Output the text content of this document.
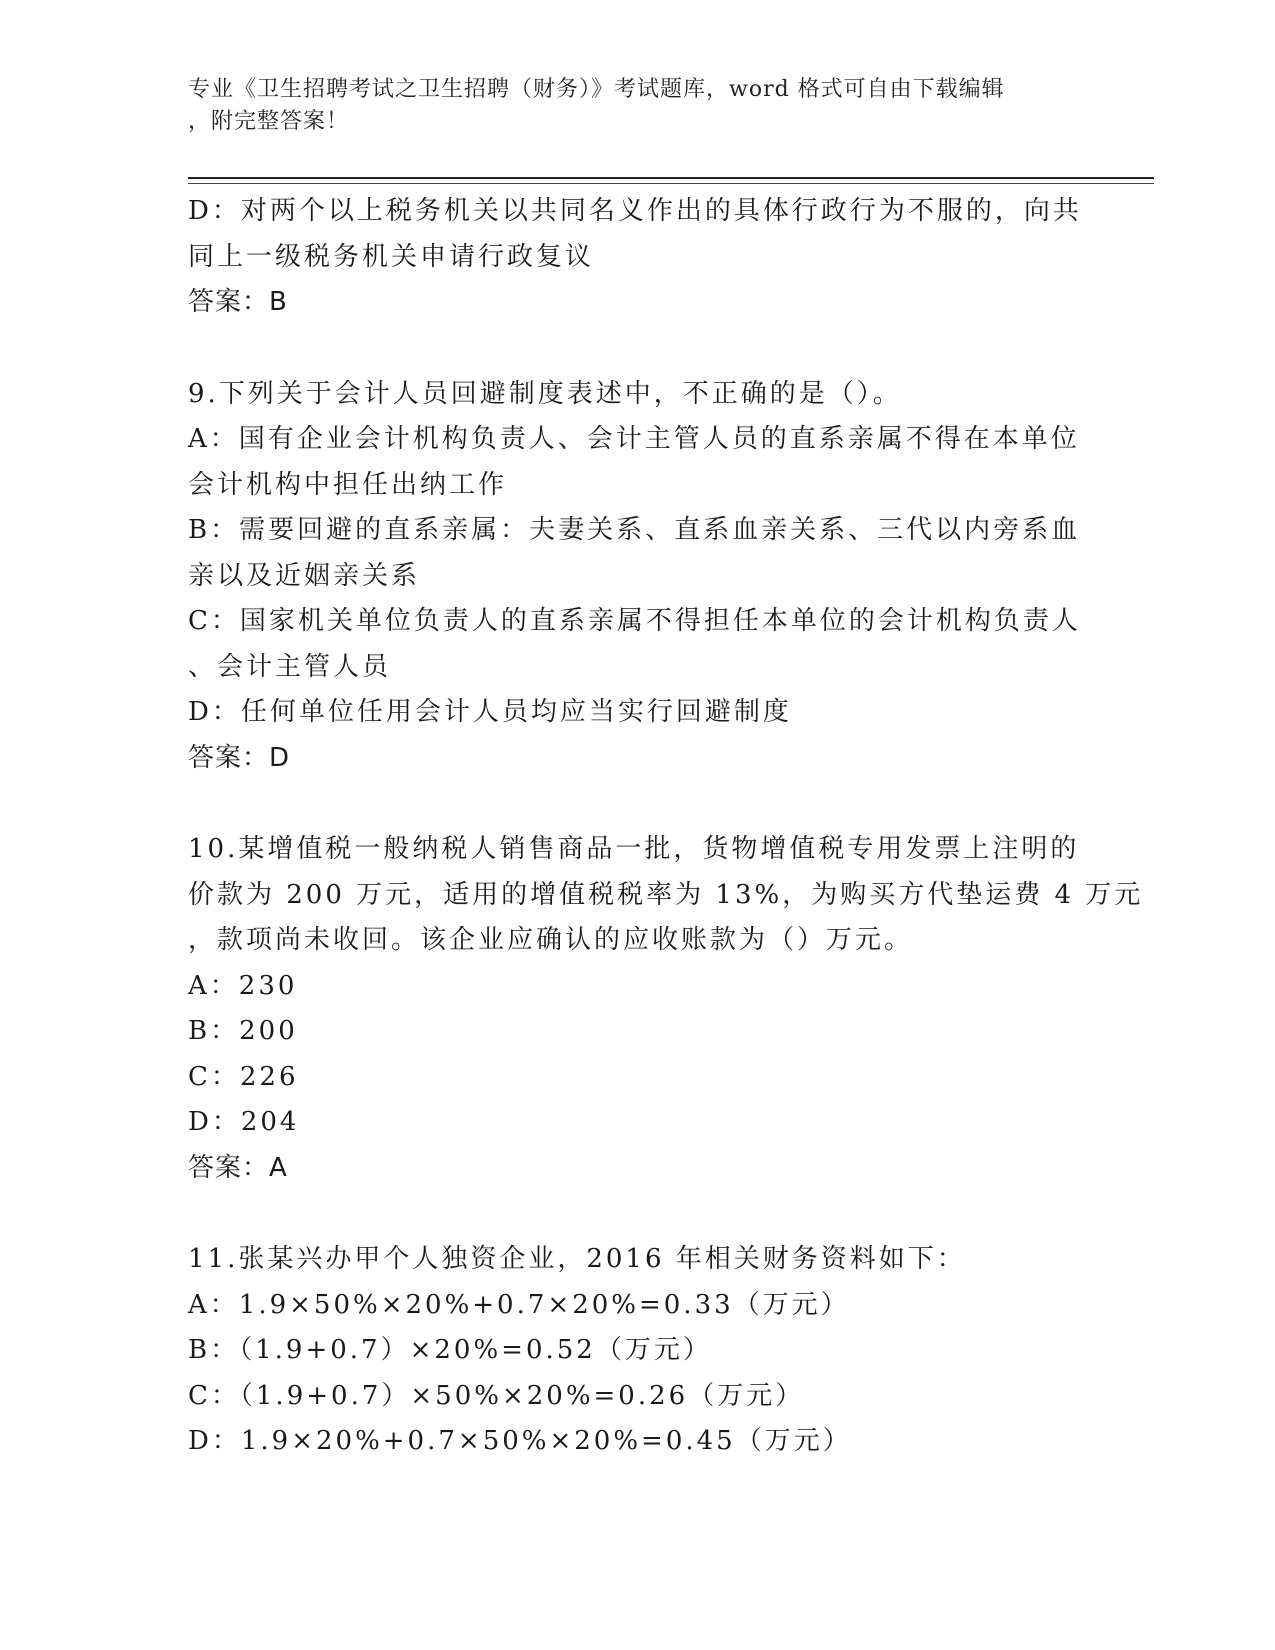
专业《卫生招聘考试之卫生招聘（财务）》考试题库，word 格式可自由下载编辑
，附完整答案！
D：对两个以上税务机关以共同名义作出的具体行政行为不服的，向共
同上一级税务机关申请行政复议
答案：B
9.下列关于会计人员回避制度表述中，不正确的是（）。
A：国有企业会计机构负责人、会计主管人员的直系亲属不得在本单位
会计机构中担任出纳工作
B：需要回避的直系亲属：夫妻关系、直系血亲关系、三代以内旁系血
亲以及近姻亲关系
C：国家机关单位负责人的直系亲属不得担任本单位的会计机构负责人
、会计主管人员
D：任何单位任用会计人员均应当实行回避制度
答案：D
10.某增值税一般纳税人销售商品一批，货物增值税专用发票上注明的
价款为 200 万元，适用的增值税税率为 13%，为购买方代垫运费 4 万元
，款项尚未收回。该企业应确认的应收账款为（）万元。
A：230
B：200
C：226
D：204
答案：A
11.张某兴办甲个人独资企业，2016 年相关财务资料如下：
A：1.9×50%×20%+0.7×20%=0.33（万元）
B：（1.9+0.7）×20%=0.52（万元）
C：（1.9+0.7）×50%×20%=0.26（万元）
D：1.9×20%+0.7×50%×20%=0.45（万元）
